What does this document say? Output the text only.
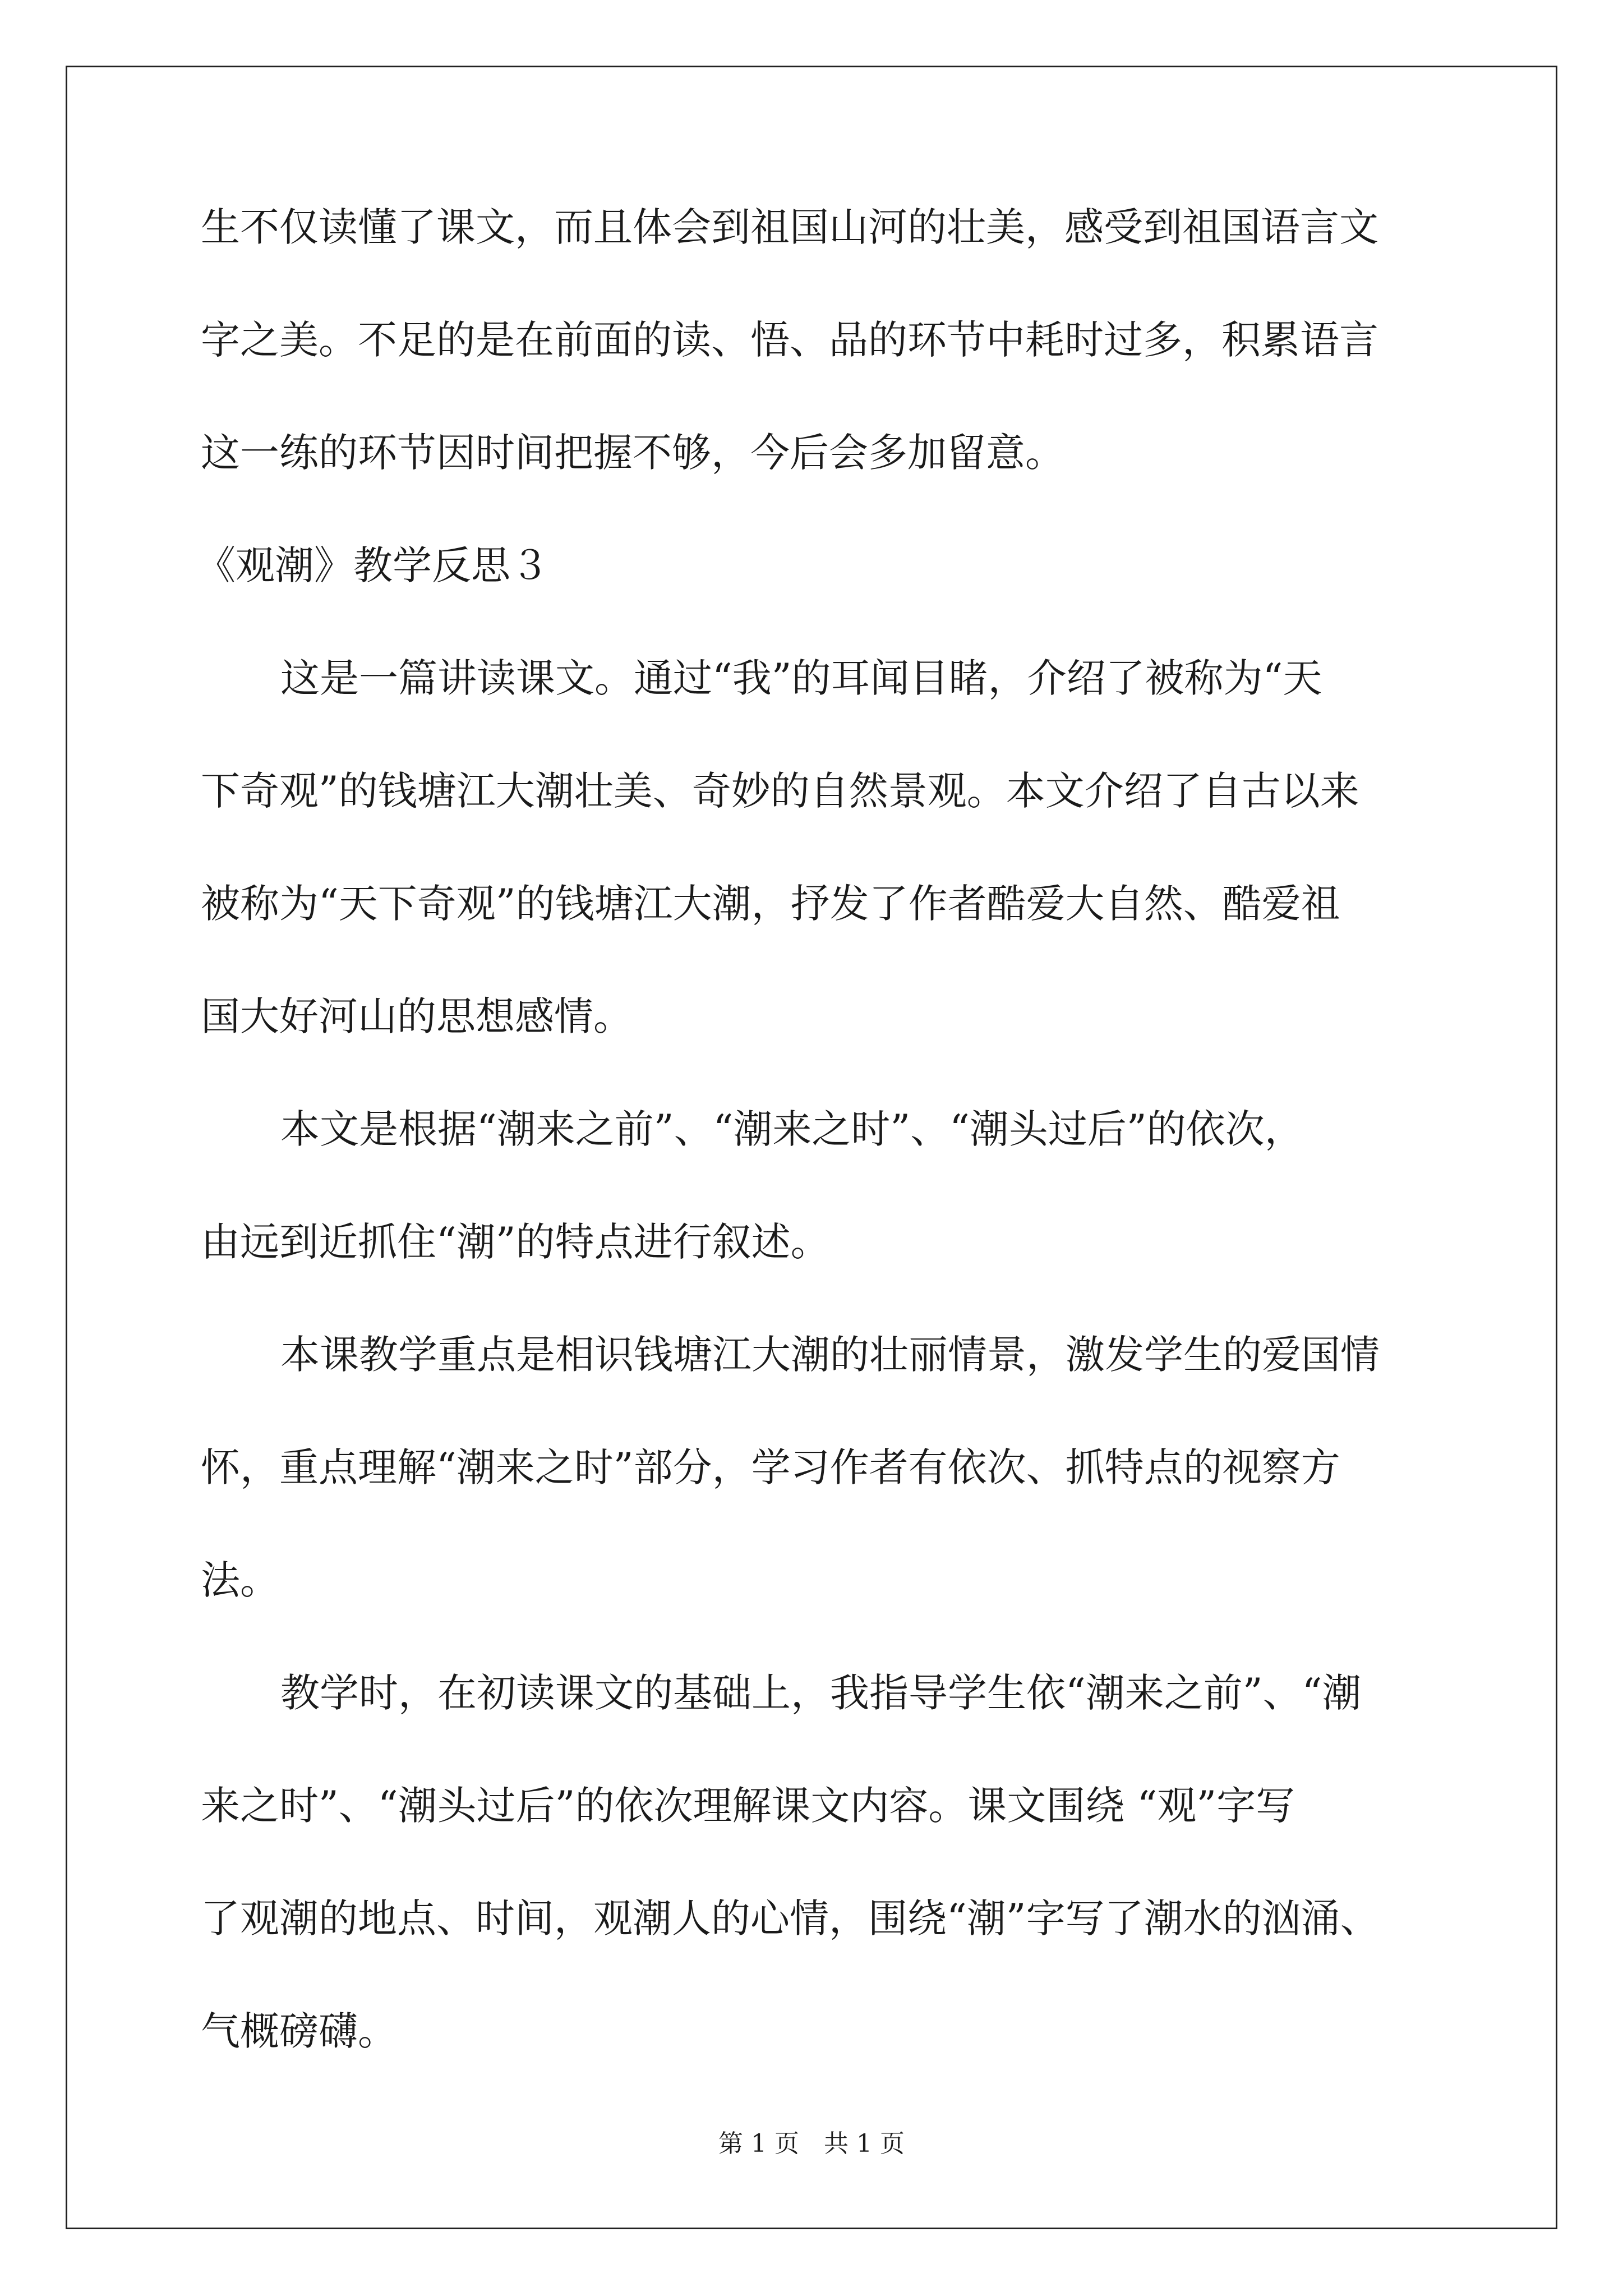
生不仅读懂了课文，而且体会到祖国山河的壮美，感受到祖国语言文
字之美。不足的是在前面的读、悟、品的环节中耗时过多，积累语言
这一练的环节因时间把握不够，今后会多加留意。
《观潮》教学反思３
这是一篇讲读课文。通过“我”的耳闻目睹，介绍了被称为“天
下奇观”的钱塘江大潮壮美、奇妙的自然景观。本文介绍了自古以来
被称为“天下奇观”的钱塘江大潮，抒发了作者酷爱大自然、酷爱祖
国大好河山的思想感情。
本文是根据“潮来之前”、“潮来之时”、“潮头过后”的依次，
由远到近抓住“潮”的特点进行叙述。
本课教学重点是相识钱塘江大潮的壮丽情景，激发学生的爱国情
怀，重点理解“潮来之时”部分，学习作者有依次、抓特点的视察方
法。
教学时，在初读课文的基础上，我指导学生依“潮来之前”、“潮
来之时”、“潮头过后”的依次理解课文内容。课文围绕 “观”字写
了观潮的地点、时间，观潮人的心情，围绕“潮”字写了潮水的汹涌、
气概磅礴。
第 1 页　共 1 页
